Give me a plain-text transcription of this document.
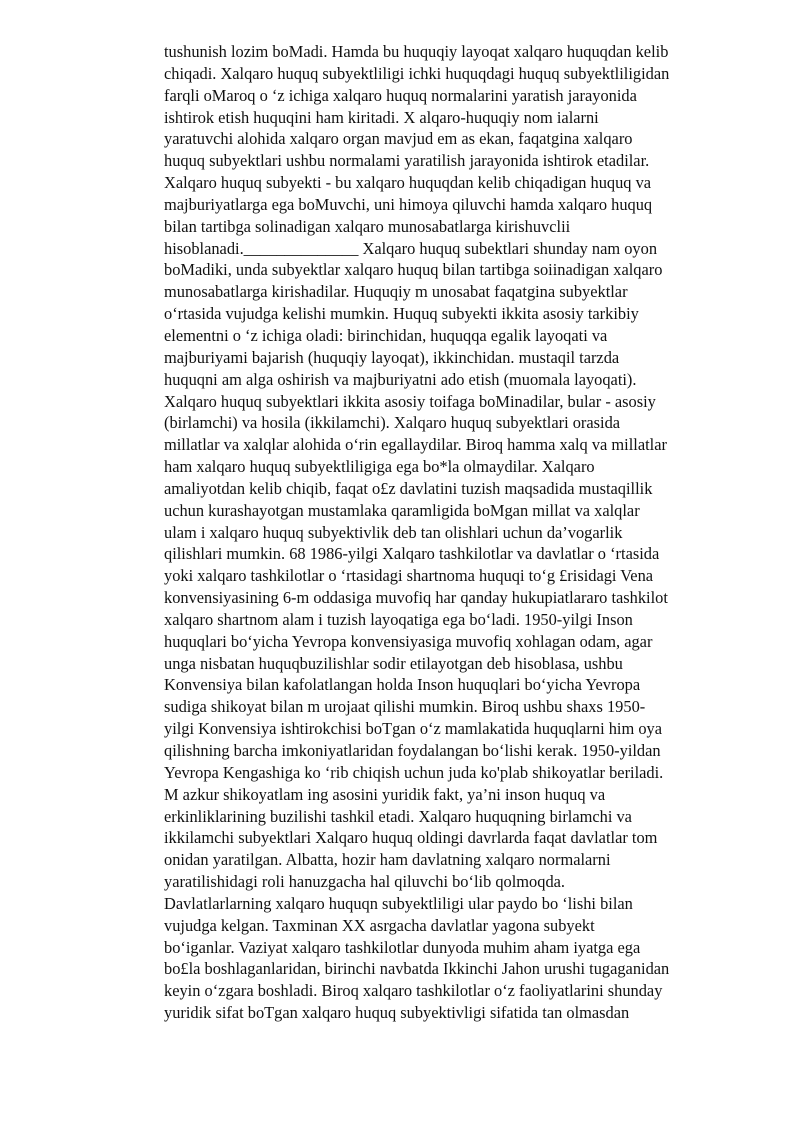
tushunish lozim boMadi. Hamda bu huquqiy layoqat xalqaro huquqdan kelib
chiqadi. Xalqaro huquq subyektliligi ichki huquqdagi huquq subyektliligidan
farqli oMaroq o ‘z ichiga xalqaro huquq normalarini yaratish jarayonida
ishtirok etish huquqini ham kiritadi. X alqaro-huquqiy nom ialarni
yaratuvchi alohida xalqaro organ mavjud em as ekan, faqatgina xalqaro
huquq subyektlari ushbu normalami yaratilish jarayonida ishtirok etadilar.
Xalqaro huquq subyekti - bu xalqaro huquqdan kelib chiqadigan huquq va
majburiyatlarga ega boMuvchi, uni himoya qiluvchi hamda xalqaro huquq
bilan tartibga solinadigan xalqaro munosabatlarga kirishuvclii
hisoblanadi.______________ Xalqaro huquq subektlari shunday nam oyon
boMadiki, unda subyektlar xalqaro huquq bilan tartibga soiinadigan xalqaro
munosabatlarga kirishadilar. Huquqiy m unosabat faqatgina subyektlar
o‘rtasida vujudga kelishi mumkin. Huquq subyekti ikkita asosiy tarkibiy
elementni o ‘z ichiga oladi: birinchidan, huquqqa egalik layoqati va
majburiyami bajarish (huquqiy layoqat), ikkinchidan. mustaqil tarzda
huquqni am alga oshirish va majburiyatni ado etish (muomala layoqati).
Xalqaro huquq subyektlari ikkita asosiy toifaga boMinadilar, bular - asosiy
(birlamchi) va hosila (ikkilamchi). Xalqaro huquq subyektlari orasida
millatlar va xalqlar alohida o‘rin egallaydilar. Biroq hamma xalq va millatlar
ham xalqaro huquq subyektliligiga ega bo*la olmaydilar. Xalqaro
amaliyotdan kelib chiqib, faqat o£z davlatini tuzish maqsadida mustaqillik
uchun kurashayotgan mustamlaka qaramligida boMgan millat va xalqlar
ulam i xalqaro huquq subyektivlik deb tan olishlari uchun da’vogarlik
qilishlari mumkin. 68 1986-yilgi Xalqaro tashkilotlar va davlatlar o ‘rtasida
yoki xalqaro tashkilotlar o ‘rtasidagi shartnoma huquqi to‘g £risidagi Vena
konvensiyasining 6-m oddasiga muvofiq har qanday hukupiatlararo tashkilot
xalqaro shartnom alam i tuzish layoqatiga ega bo‘ladi. 1950-yilgi Inson
huquqlari bo‘yicha Yevropa konvensiyasiga muvofiq xohlagan odam, agar
unga nisbatan huquqbuzilishlar sodir etilayotgan deb hisoblasa, ushbu
Konvensiya bilan kafolatlangan holda Inson huquqlari bo‘yicha Yevropa
sudiga shikoyat bilan m urojaat qilishi mumkin. Biroq ushbu shaxs 1950-
yilgi Konvensiya ishtirokchisi boTgan o‘z mamlakatida huquqlarni him oya
qilishning barcha imkoniyatlaridan foydalangan bo‘lishi kerak. 1950-yildan
Yevropa Kengashiga ko ‘rib chiqish uchun juda ko'plab shikoyatlar beriladi.
M azkur shikoyatlam ing asosini yuridik fakt, ya’ni inson huquq va
erkinliklarining buzilishi tashkil etadi. Xalqaro huquqning birlamchi va
ikkilamchi subyektlari Xalqaro huquq oldingi davrlarda faqat davlatlar tom
onidan yaratilgan. Albatta, hozir ham davlatning xalqaro normalarni
yaratilishidagi roli hanuzgacha hal qiluvchi bo‘lib qolmoqda.
Davlatlarlarning xalqaro huquqn subyektliligi ular paydo bo ‘lishi bilan
vujudga kelgan. Taxminan XX asrgacha davlatlar yagona subyekt
bo‘iganlar. Vaziyat xalqaro tashkilotlar dunyoda muhim aham iyatga ega
bo£la boshlaganlaridan, birinchi navbatda Ikkinchi Jahon urushi tugaganidan
keyin o‘zgara boshladi. Biroq xalqaro tashkilotlar o‘z faoliyatlarini shunday
yuridik sifat boTgan xalqaro huquq subyektivligi sifatida tan olmasdan
